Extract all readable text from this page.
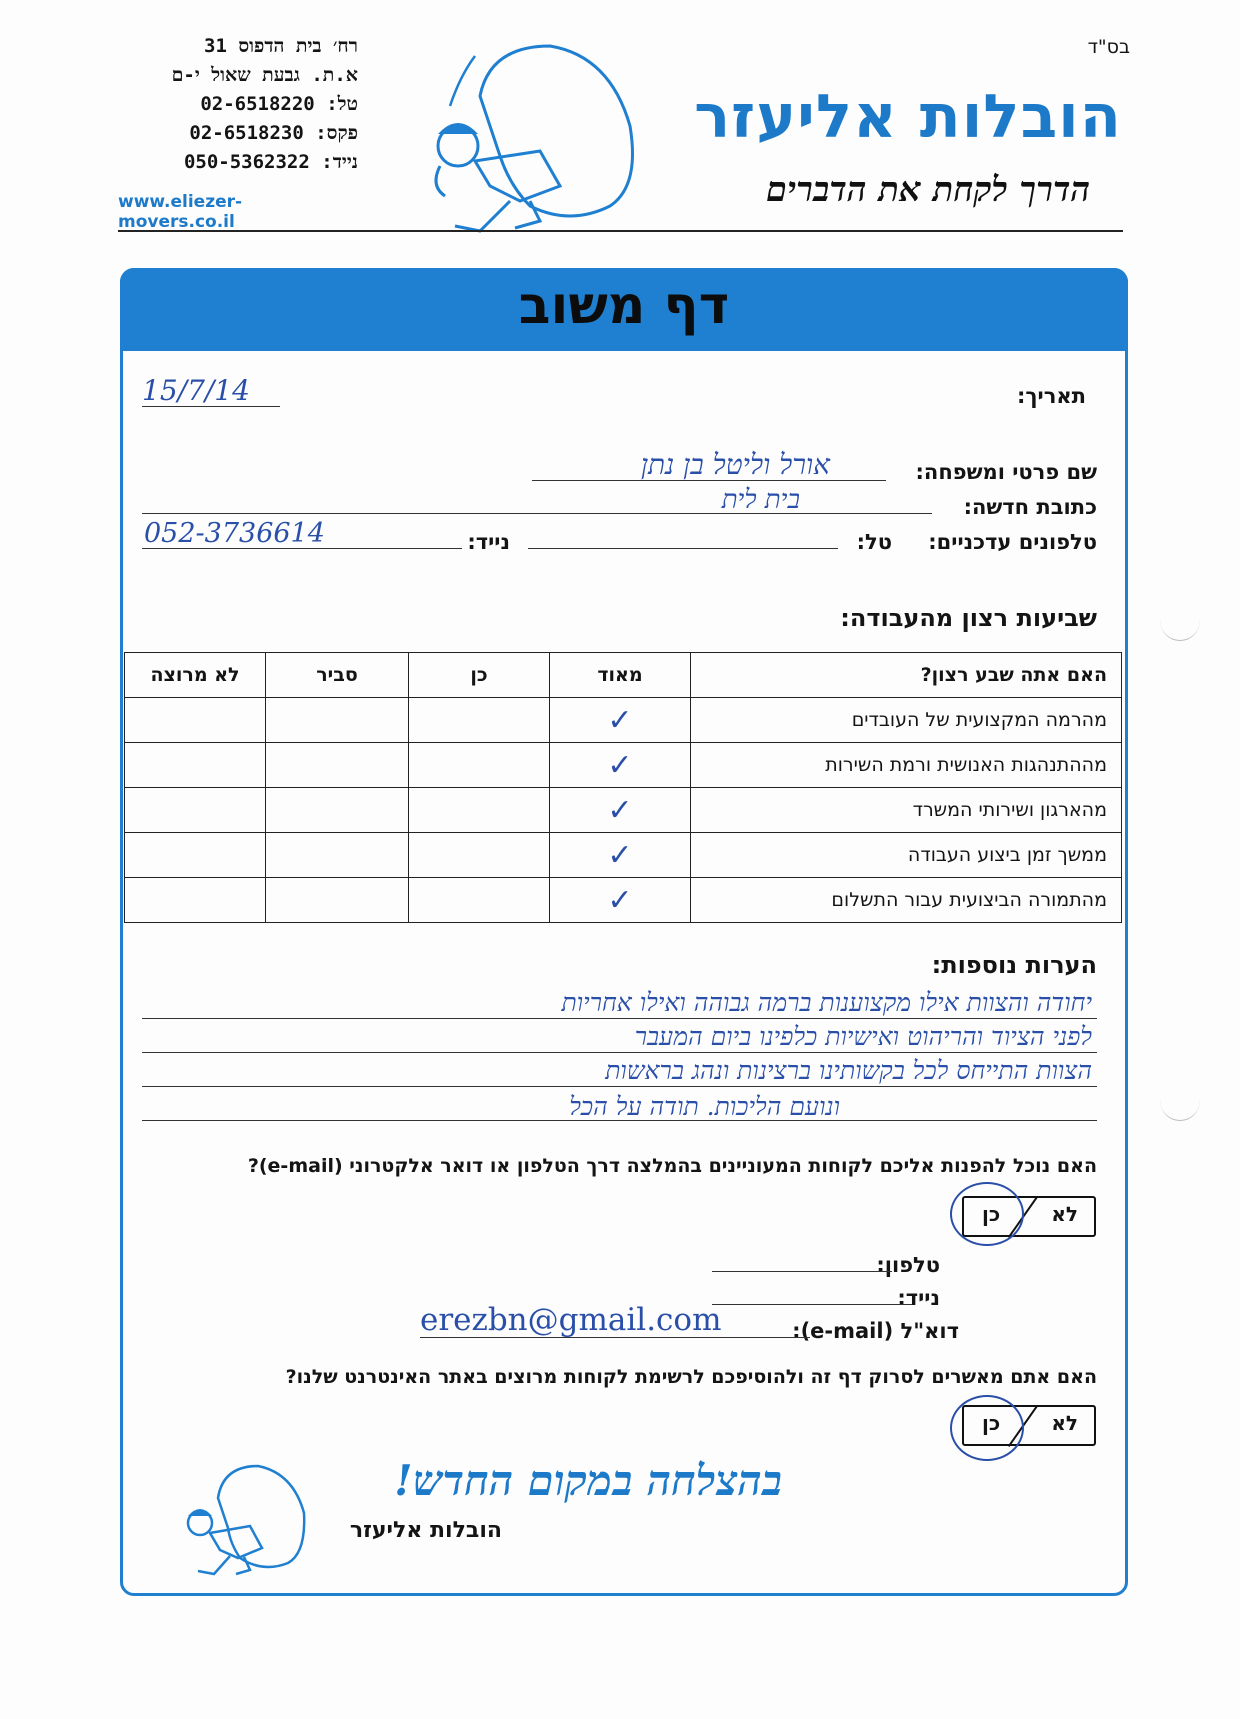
בס"ד
הובלות אליעזר
הדרך לקחת את הדברים
רח׳ בית הדפוס 31
א.ת. גבעת שאול י-ם
טל: 02-6518220
פקס: 02-6518230
נייד: 050-5362322
www.eliezer-movers.co.il
דף משוב
תאריך:
15/7/14
שם פרטי ומשפחה:
אורל וליטל בן נתן
כתובת חדשה:
בית לית
טלפונים עדכניים:
טל:
נייד:
052-3736614
שביעות רצון מהעבודה:
האם אתה שבע רצון?	מאוד	כן	סביר	לא מרוצה
מהרמה המקצועית של העובדים	✓			
מההתנהגות האנושית ורמת השירות	✓			
מהארגון ושירותי המשרד	✓			
ממשך זמן ביצוע העבודה	✓			
מהתמורה הביצועית עבור התשלום	✓			
הערות נוספות:
יחודה והצוות אילו מקצוענות ברמה גבוהה ואילו אחריות
לפני הציוד והריהוט ואישיות כלפינו ביום המעבר
הצוות התייחס לכל בקשותינו ברצינות ונהג בראשות
ונועם הליכות. תודה על הכל
האם נוכל להפנות אליכם לקוחות המעוניינים בהמלצה דרך הטלפון או דואר אלקטרוני (e-mail)?
לא
כן
טלפון:
נייד:
דוא"ל (e-mail):
erezbn@gmail.com
האם אתם מאשרים לסרוק דף זה ולהוסיפכם לרשימת לקוחות מרוצים באתר האינטרנט שלנו?
לא
כן
בהצלחה במקום החדש!
הובלות אליעזר
